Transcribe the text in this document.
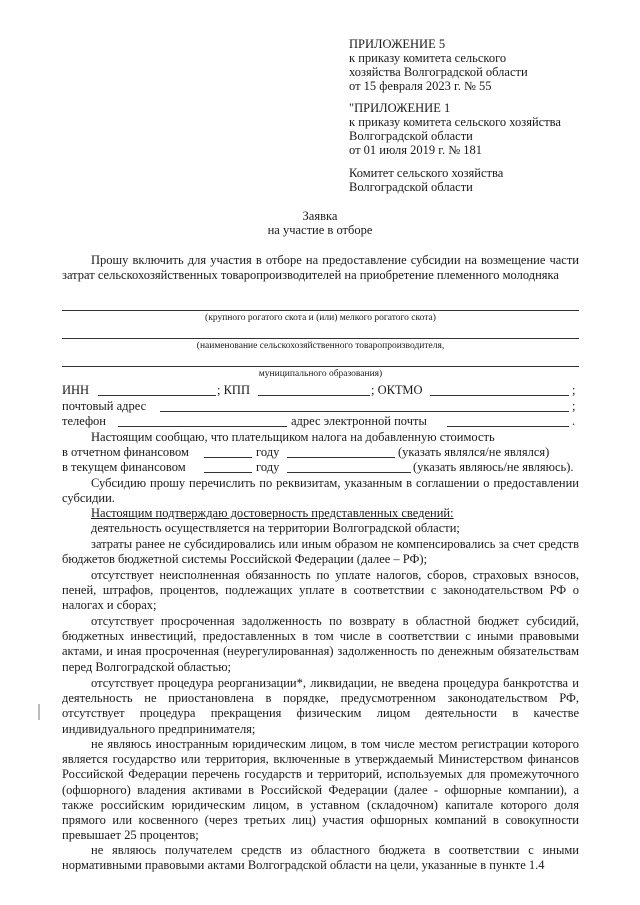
ПРИЛОЖЕНИЕ 5
к приказу комитета сельского
хозяйства Волгоградской области
от 15 февраля 2023 г. № 55
"ПРИЛОЖЕНИЕ 1
к приказу комитета сельского хозяйства
Волгоградской области
от 01 июля 2019 г. № 181
Комитет сельского хозяйства
Волгоградской области
Заявка
на участие в отборе
Прошу включить для участия в отборе на предоставление субсидии на возмещение части затрат сельскохозяйственных товаропроизводителей на приобретение племенного молодняка
(крупного рогатого скота и (или) мелкого рогатого скота)
(наименование сельскохозяйственного товаропроизводителя,
муниципального образования)
ИНН	; КПП	; ОКТМО	;
почтовый адрес	;
телефон	адрес электронной почты	.
Настоящим сообщаю, что плательщиком налога на добавленную стоимость
в отчетном финансовом	году	(указать являлся/не являлся)
в текущем финансовом	году	(указать являюсь/не являюсь).
Субсидию прошу перечислить по реквизитам, указанным в соглашении о предоставлении субсидии.
Настоящим подтверждаю достоверность представленных сведений:
деятельность осуществляется на территории Волгоградской области;
затраты ранее не субсидировались или иным образом не компенсировались за счет средств бюджетов бюджетной системы Российской Федерации (далее – РФ);
отсутствует неисполненная обязанность по уплате налогов, сборов, страховых взносов, пеней, штрафов, процентов, подлежащих уплате в соответствии с законодательством РФ о налогах и сборах;
отсутствует просроченная задолженность по возврату в областной бюджет субсидий, бюджетных инвестиций, предоставленных в том числе в соответствии с иными правовыми актами, и иная просроченная (неурегулированная) задолженность по денежным обязательствам перед Волгоградской областью;
отсутствует процедура реорганизации*, ликвидации, не введена процедура банкротства и деятельность не приостановлена в порядке, предусмотренном законодательством РФ, отсутствует процедура прекращения физическим лицом деятельности в качестве индивидуального предпринимателя;
не являюсь иностранным юридическим лицом, в том числе местом регистрации которого является государство или территория, включенные в утверждаемый Министерством финансов Российской Федерации перечень государств и территорий, используемых для промежуточного (офшорного) владения активами в Российской Федерации (далее - офшорные компании), а также российским юридическим лицом, в уставном (складочном) капитале которого доля прямого или косвенного (через третьих лиц) участия офшорных компаний в совокупности превышает 25 процентов;
не являюсь получателем средств из областного бюджета в соответствии с иными нормативными правовыми актами Волгоградской области на цели, указанные в пункте 1.4
